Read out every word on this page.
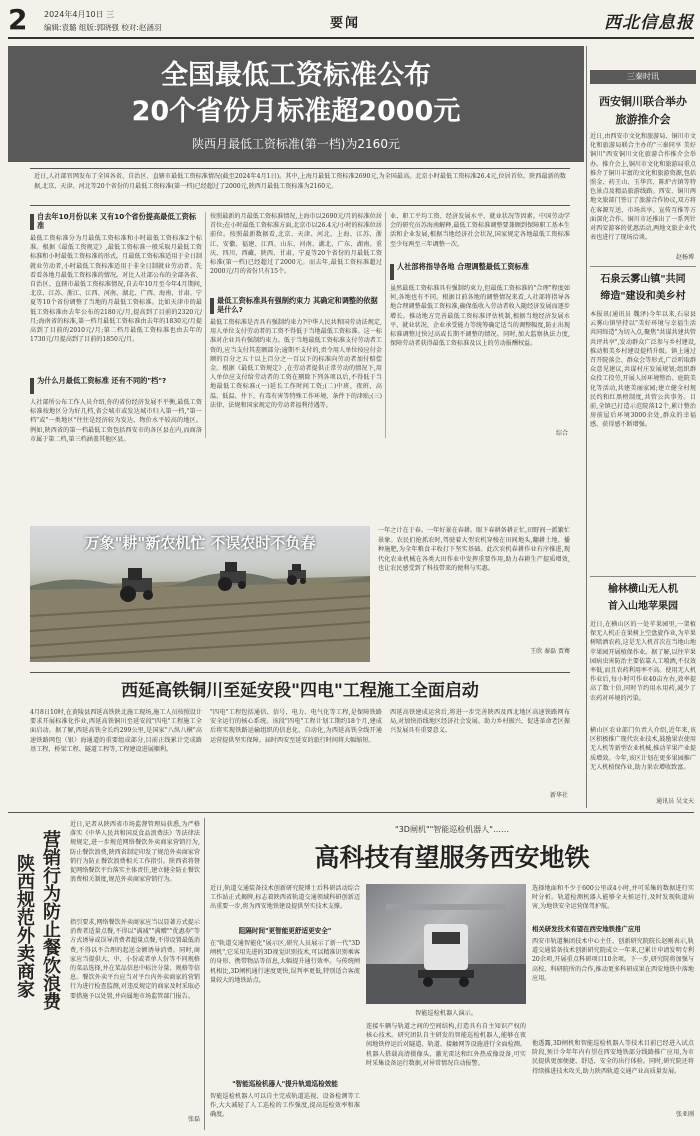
2 2024年4月10日 三
编辑:袁璐 组版:郭晓强 校对:赵涵羽	要闻	西北信息报
全国最低工资标准公布
20个省份月标准超2000元
陕西月最低工资标准(第一档)为2160元
近日,人社部官网发布了全国各省、自治区、直辖市最低工资标准情况(截至2024年4月1日)。其中,上海月最低工资标准2690元,为全国最高。北京小时最低工资标准26.4元,位居首位。陕西最新的数据,北京、天津、河北等20个省份的月最低工资标准(第一档)已经超过了2000元,陕西月最低工资标准为2160元。
自去年10月份以来 又有10个省份提高最低工资标准
最低工资标准分为月最低工资标准和小时最低工资标准2个标准。根据《最低工资规定》,最低工资标准一般采取月最低工资标准和小时最低工资标准的形式。月最低工资标准适用于全日制就业劳动者,小时最低工资标准适用于非全日制就业劳动者。先看看各地月最低工资标准的情况。对比人社部公布的全部各省、自治区、直辖市最低工资标准情况,自去年10月至今年4月期间,北京、江苏、浙江、江西、河南、湖北、广西、海南、甘肃、宁夏等10个省份调整了当地的月最低工资标准。比如天津市的最低工资标准由去年公布的2180元/月,提高到了目前的2320元/月;海南省的标准,第一档月最低工资标准由去年的1830元/月提高到了目前的2010元/月;第二档月最低工资标准也由去年的1730元/月提高到了目前的1850元/月。
为什么月最低工资标准 还有不同的"档"?
人社部所公布工作人员介绍,你的省份经济发展不平衡,最低工资标准按地区分为好几档,省会城市或发达城市归入第一档,"第一档"或"一类地区"往往是经济较为发达、物价水平较高的地区。例如,陕西省的第一档最低工资包括西安市的各区县在内,而商洛市属于第二档,第三档涵盖其他区县。
按照最新的月最低工资标准情况,上海市以2690元/月的标准位居首位;在小时最低工资标准方面,北京市以26.4元/小时的标准位居前位。按照最新数据看,北京、天津、河北、上海、江苏、浙江、安徽、福建、江西、山东、河南、湖北、广东、湖南、重庆、四川、西藏、陕西、甘肃、宁夏等20个省份的月最低工资标准(第一档)已经超过了2000元。而去年,最低工资标准超过2000元/月的省份只有15个。
最低工资标准具有强制约束力 其确定和调整的依据是什么?
最低工资标准是否具有强制约束力?中华人民共和国劳动法规定,用人单位支付劳动者的工资不得低于当地最低工资标准。这一标准对企业具有强制约束力。低于当地最低工资标准支付劳动者工资的,应当支付其差额部分;逾期不支付的,责令用人单位按应付金额的百分之五十以上百分之一百以下的标准向劳动者加付赔偿金。根据《最低工资规定》,在劳动者提供正常劳动的情况下,用人单位应支付给劳动者的工资在剔除下列各项以后,不得低于当地最低工资标准:(一)延长工作时间工资;(二)中班、夜班、高温、低温、井下、有毒有害等特殊工作环境、条件下的津贴;(三)法律、法规和国家规定的劳动者福利待遇等。
业、职工平均工资、经济发展水平、就业状况等因素。中国劳动学会的研究员苏海南解释,最低工资标准调整要兼顾到保障职工基本生活和企业发展,根据当地经济社会状况,国家规定各地最低工资标准至少每两至三年调整一次。
人社部将指导各地 合理调整最低工资标准
虽然最低工资标准具有强制约束力,但最低工资标准的"合理"程度如何,各地也有不同。根据目前各地的调整情况来看,人社部将指导各地合理调整最低工资标准,确保低收入劳动者收入随经济发展而逐步增长。推动地方完善最低工资标准评估机制,根据当地经济发展水平、就业状况、企业承受能力等统筹确定适当的调整幅度,防止出现标准调整过快过高或长期不调整的情况。同时,加大监察执法力度,保障劳动者获得最低工资标准及以上的劳动报酬权益。
综合
万象"耕"新农机忙 不误农时不负春
一年之计在于春。一年好景在春耕。眼下春耕备耕正忙,田野间一派繁忙景象。农民们抢抓农时,驾驶着大型农机穿梭在田间地头,翻耕土地、播种施肥,为全年粮食丰收打下坚实基础。此次农机春耕作业有序推进,现代化农业机械在各类大田作业中发挥重要作用,助力春耕生产提质增效,也让农民感受到了科技带来的便利与实惠。
王欣 秦磊 贾骞
西延高铁铜川至延安段"四电"工程施工全面启动
4月8日10时,在黄陵县西延高铁陕北施工现场,施工人员按照设计要求开展标准化作业,西延高铁铜川至延安段"四电"工程施工全面启动。据了解,西延高铁全长约299公里,是国家"八纵八横"高速铁路网包（银）海通道的重要组成部分,目前正线累计完成路基工程、桥梁工程、隧道工程等,工程建设进展顺利。
"四电"工程包括通信、信号、电力、电气化等工程,是保障铁路安全运行的核心系统。该段"四电"工程计划工期约18个月,建成后将实现铁路运输组织的信息化、自动化,为西延高铁全线开通运营提供坚实保障。届时西安至延安的旅行时间将大幅缩短。
西延高铁建成运营后,将进一步完善陕西及西北地区高速铁路网布局,对加快沿线地区经济社会发展、助力乡村振兴、促进革命老区振兴发展具有重要意义。
新华社
营销行为防止餐饮浪费
陕西规范外卖商家
近日,记者从陕西省市场监督管理局获悉,为严格落实《中华人民共和国反食品浪费法》等法律法规规定,进一步规范网络餐饮外卖商家营销行为,防止餐饮浪费,陕西省制定印发了规范外卖商家营销行为防止餐饮浪费相关工作指引。陕西省将督促网络餐饮平台落实主体责任,建立健全防止餐饮浪费相关制度,规范外卖商家营销行为。
指引要求,网络餐饮外卖商家应当以显著方式提示消费者适量点餐,不得以"满减""满赠""优惠券"等方式诱导或误导消费者超量点餐,不得设置最低消费,不得以不合理的起送金额诱导消费。同时,商家应当提供大、中、小份或者单人份等不同规格的菜品选择,并在菜品信息中标注分量、规格等信息。餐饮外卖平台应当对平台内外卖商家的营销行为进行检查监测,对违反规定的商家及时采取必要措施予以处置,并向属地市场监管部门报告。
张磊
"3D闸机""智能巡检机器人"……
高科技有望服务西安地铁
近日,轨道交通装备技术创新研究院博士后科研活动综合工作站正式揭牌,标志着陕西省轨道交通领域科研创新迈出重要一步,将为西安地铁建设提供坚实技术支撑。
阻隔时间"更智能更舒适更安全"
在"轨道交通智能化"展示区,研究人员展示了新一代"3D闸机",它采用先进的3D视觉识别技术,可以精准识别乘客的身形、携带物品等信息,大幅提升通行效率。与传统闸机相比,3D闸机通行速度更快,误判率更低,特别适合客流量较大的地铁站点。
"智能巡检机器人"提升轨道巡检效能
智能巡检机器人可以自主完成轨道巡视、设备检测等工作,大大减轻了人工巡检的工作强度,提高巡检效率和准确度。
智能巡检机器人演示。
连接车辆与轨道之间的空间结构,打造具有自主知识产权的核心技术。研究团队自主研发的智能巡检机器人,能够在夜间地铁停运后对隧道、轨道、接触网等设施进行全面检测。机器人搭载高清摄像头、激光雷达和红外热成像设备,可实时采集设备运行数据,对异常情况自动报警。
选择地面和不少于600公里或4小时,并可采集的数据进行实时分析。轨道检测机器人能够全天候运行,及时发现轨道病害,为地铁安全运营保驾护航。
相关研发技术有望在西安地铁推广应用
西安市轨道集团技术中心主任、创新研究院院长赵刚表示,轨道交通装备技术创新研究院成立一年来,已累计申请发明专利20余项,开展重点科研项目10余项。下一步,研究院将加强与高校、科研院所的合作,推动更多科研成果在西安地铁中落地应用。
他透露,3D闸机和智能巡检机器人等技术目前已经进入试点阶段,预计今年年内有望在西安地铁部分线路推广应用,为市民提供更加便捷、舒适、安全的出行体验。同时,研究院还将持续推进技术攻关,助力陕西轨道交通产业高质量发展。
张亚刚
三秦时讯
西安铜川联合举办
旅游推介会
近日,由西安市文化和旅游局、铜川市文化和旅游局联合主办的"三秦同享 美好铜川"西安铜川文化旅游合作推介会举办。推介会上,铜川市文化和旅游局重点推介了铜川丰富的文化和旅游资源,包括照金、药王山、玉华宫、陈炉古镇等特色景点及精品旅游线路。西安、铜川两地文旅部门签订了旅游合作协议,双方将在客源互送、市场共享、宣传互推等方面深化合作。铜川市还推出了一系列针对西安游客的优惠活动,两地文旅企业代表也进行了现场洽谈。
赵杨博
石泉云雾山镇"共同
缔造"建设和美乡村
本报讯(通讯员 魏泽)今年以来,石泉县云雾山镇坚持以"美好环境与幸福生活共同缔造"为切入点,聚焦"共谋共建共管共评共享",发动群众广泛参与乡村建设,推动和美乡村建设提档升级。镇上通过召开院落会、群众会等形式,广泛听取群众意见建议,共谋村庄发展规划;组织群众投工投劳,开展人居环境整治、庭院美化等活动,共建美丽家园;建立健全村规民约和红黑榜制度,共管公共事务。目前,全镇已打造示范院落12个,累计整治房前屋后环境3000余处,群众的幸福感、获得感不断增强。
榆林横山无人机
首入山地苹果园
近日,在横山区的一处苹果园里,一架植保无人机正在果树上空盘旋作业,为苹果树喷洒农药,这是无人机首次在当地山地苹果园开展植保作业。据了解,以往苹果园病虫害防治主要依靠人工喷洒,不仅效率低,而且农药利用率不高。使用无人机作业后,每小时可作业40亩左右,效率提高了数十倍,同时节约用水用药,减少了农药对环境的污染。
横山区农业部门负责人介绍,近年来,该区积极推广现代农业技术,鼓励果农使用无人机等新型农业机械,推动苹果产业提质增效。今年,该区计划在更多果园推广无人机植保作业,助力果农增收致富。
通讯员 吴文天
